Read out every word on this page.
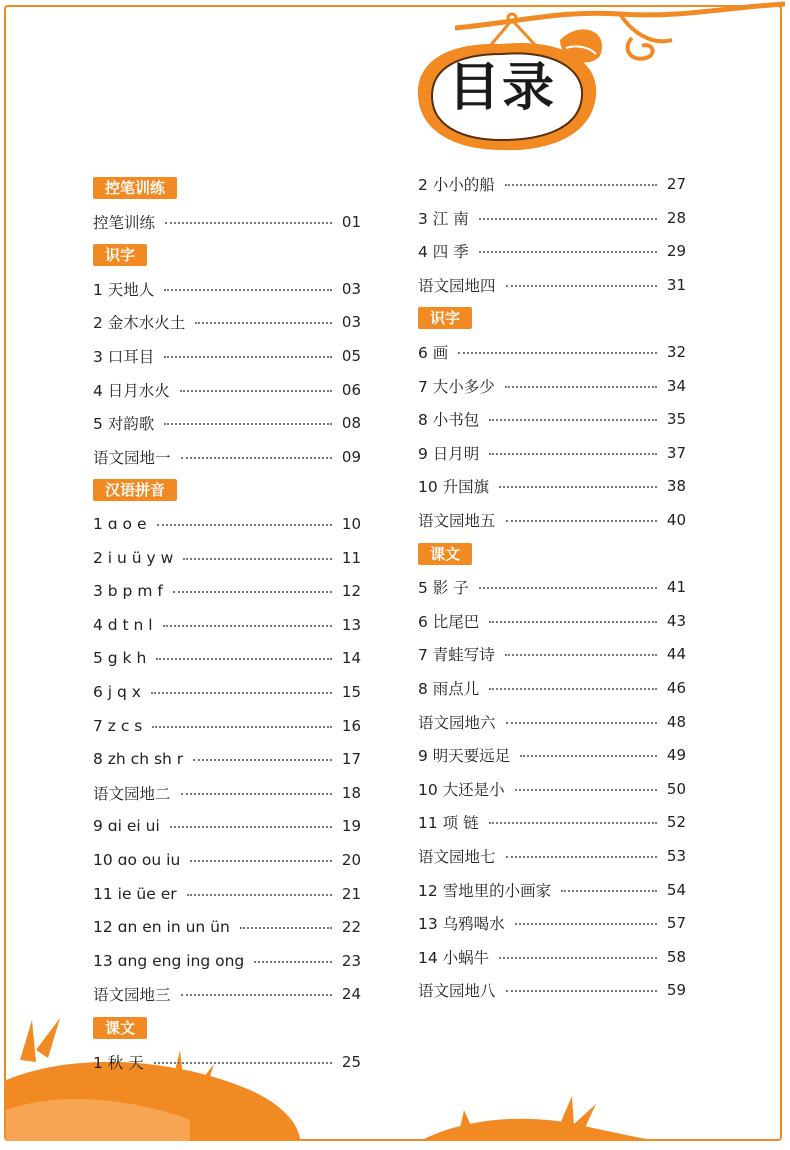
目录
控笔训练
控笔训练	01
识字
1 天地人	03
2 金木水火土	03
3 口耳目	05
4 日月水火	06
5 对韵歌	08
语文园地一	09
汉语拼音
1 ɑ o e	10
2 i u ü y w	11
3 b p m f	12
4 d t n l	13
5 g k h	14
6 j q x	15
7 z c s	16
8 zh ch sh r	17
语文园地二	18
9 ɑi ei ui	19
10 ɑo ou iu	20
11 ie üe er	21
12 ɑn en in un ün	22
13 ɑng eng ing ong	23
语文园地三	24
课文
1 秋 天	25
2 小小的船	27
3 江 南	28
4 四 季	29
语文园地四	31
识字
6 画	32
7 大小多少	34
8 小书包	35
9 日月明	37
10 升国旗	38
语文园地五	40
课文
5 影 子	41
6 比尾巴	43
7 青蛙写诗	44
8 雨点儿	46
语文园地六	48
9 明天要远足	49
10 大还是小	50
11 项 链	52
语文园地七	53
12 雪地里的小画家	54
13 乌鸦喝水	57
14 小蜗牛	58
语文园地八	59
